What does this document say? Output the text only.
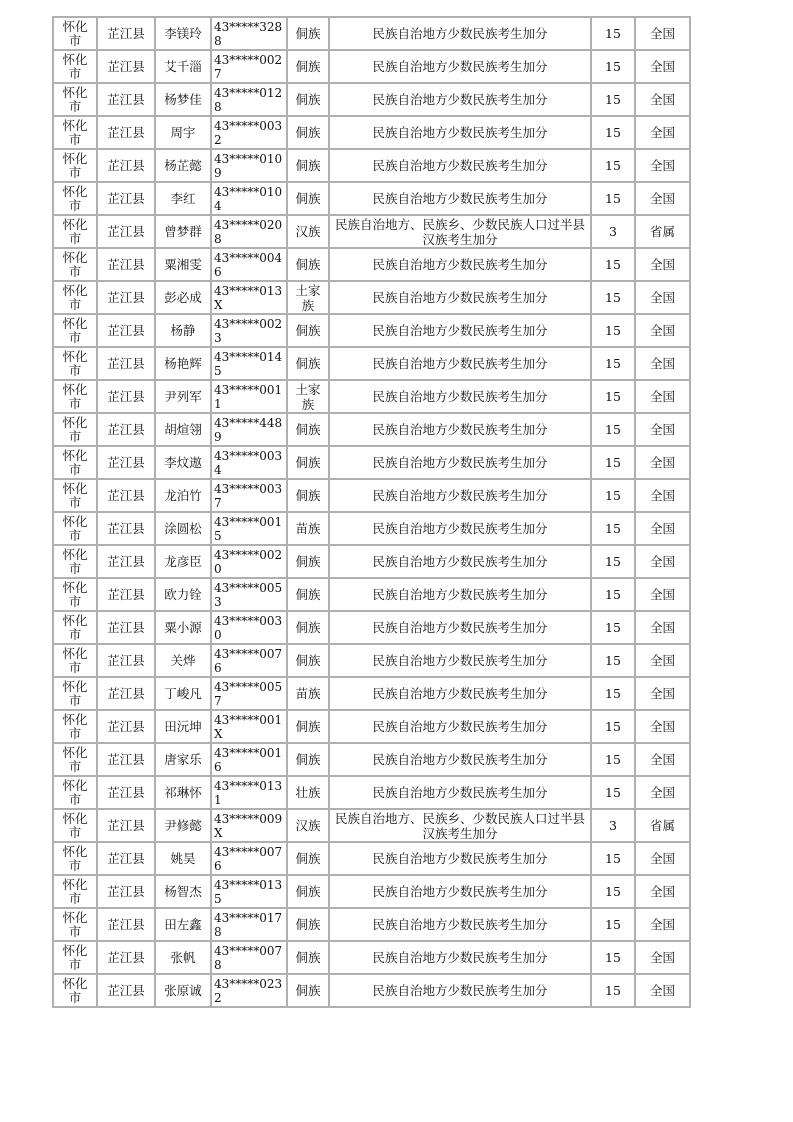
怀化市	芷江县	李镁玲	43*****3288	侗族	民族自治地方少数民族考生加分	15	全国

怀化市	芷江县	艾千淄	43*****0027	侗族	民族自治地方少数民族考生加分	15	全国

怀化市	芷江县	杨梦佳	43*****0128	侗族	民族自治地方少数民族考生加分	15	全国

怀化市	芷江县	周宇	43*****0032	侗族	民族自治地方少数民族考生加分	15	全国

怀化市	芷江县	杨芷懿	43*****0109	侗族	民族自治地方少数民族考生加分	15	全国

怀化市	芷江县	李红	43*****0104	侗族	民族自治地方少数民族考生加分	15	全国

怀化市	芷江县	曾梦群	43*****0208	汉族	民族自治地方、民族乡、少数民族人口过半县汉族考生加分	3	省属

怀化市	芷江县	粟湘雯	43*****0046	侗族	民族自治地方少数民族考生加分	15	全国

怀化市	芷江县	彭必成	43*****013X	土家族	民族自治地方少数民族考生加分	15	全国

怀化市	芷江县	杨静	43*****0023	侗族	民族自治地方少数民族考生加分	15	全国

怀化市	芷江县	杨艳辉	43*****0145	侗族	民族自治地方少数民族考生加分	15	全国

怀化市	芷江县	尹列军	43*****0011	土家族	民族自治地方少数民族考生加分	15	全国

怀化市	芷江县	胡煊翎	43*****4489	侗族	民族自治地方少数民族考生加分	15	全国

怀化市	芷江县	李炆遨	43*****0034	侗族	民族自治地方少数民族考生加分	15	全国

怀化市	芷江县	龙泊竹	43*****0037	侗族	民族自治地方少数民族考生加分	15	全国

怀化市	芷江县	涂圆松	43*****0015	苗族	民族自治地方少数民族考生加分	15	全国

怀化市	芷江县	龙彦臣	43*****0020	侗族	民族自治地方少数民族考生加分	15	全国

怀化市	芷江县	欧力铨	43*****0053	侗族	民族自治地方少数民族考生加分	15	全国

怀化市	芷江县	粟小源	43*****0030	侗族	民族自治地方少数民族考生加分	15	全国

怀化市	芷江县	关烨	43*****0076	侗族	民族自治地方少数民族考生加分	15	全国

怀化市	芷江县	丁峻凡	43*****0057	苗族	民族自治地方少数民族考生加分	15	全国

怀化市	芷江县	田沅坤	43*****001X	侗族	民族自治地方少数民族考生加分	15	全国

怀化市	芷江县	唐家乐	43*****0016	侗族	民族自治地方少数民族考生加分	15	全国

怀化市	芷江县	祁琳怀	43*****0131	壮族	民族自治地方少数民族考生加分	15	全国

怀化市	芷江县	尹修懿	43*****009X	汉族	民族自治地方、民族乡、少数民族人口过半县汉族考生加分	3	省属

怀化市	芷江县	姚昊	43*****0076	侗族	民族自治地方少数民族考生加分	15	全国

怀化市	芷江县	杨智杰	43*****0135	侗族	民族自治地方少数民族考生加分	15	全国

怀化市	芷江县	田左鑫	43*****0178	侗族	民族自治地方少数民族考生加分	15	全国

怀化市	芷江县	张帆	43*****0078	侗族	民族自治地方少数民族考生加分	15	全国

怀化市	芷江县	张原诚	43*****0232	侗族	民族自治地方少数民族考生加分	15	全国
